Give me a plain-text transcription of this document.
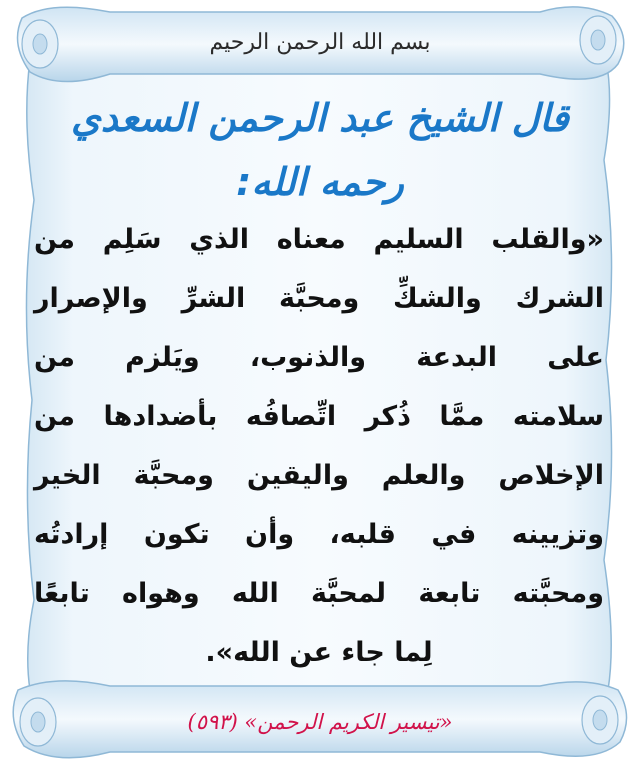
بسم الله الرحمن الرحيم
قال الشيخ عبد الرحمن السعدي
رحمه الله:
«والقلب السليم معناه الذي سَلِم من
الشرك والشكِّ ومحبَّة الشرِّ والإصرار
على البدعة والذنوب، ويَلزم من
سلامته ممَّا ذُكر اتِّصافُه بأضدادها من
الإخلاص والعلم واليقين ومحبَّة الخير
وتزيينه في قلبه، وأن تكون إرادتُه
ومحبَّته تابعة لمحبَّة الله وهواه تابعًا
لِما جاء عن الله».
«تيسير الكريم الرحمن» (٥٩٣)
